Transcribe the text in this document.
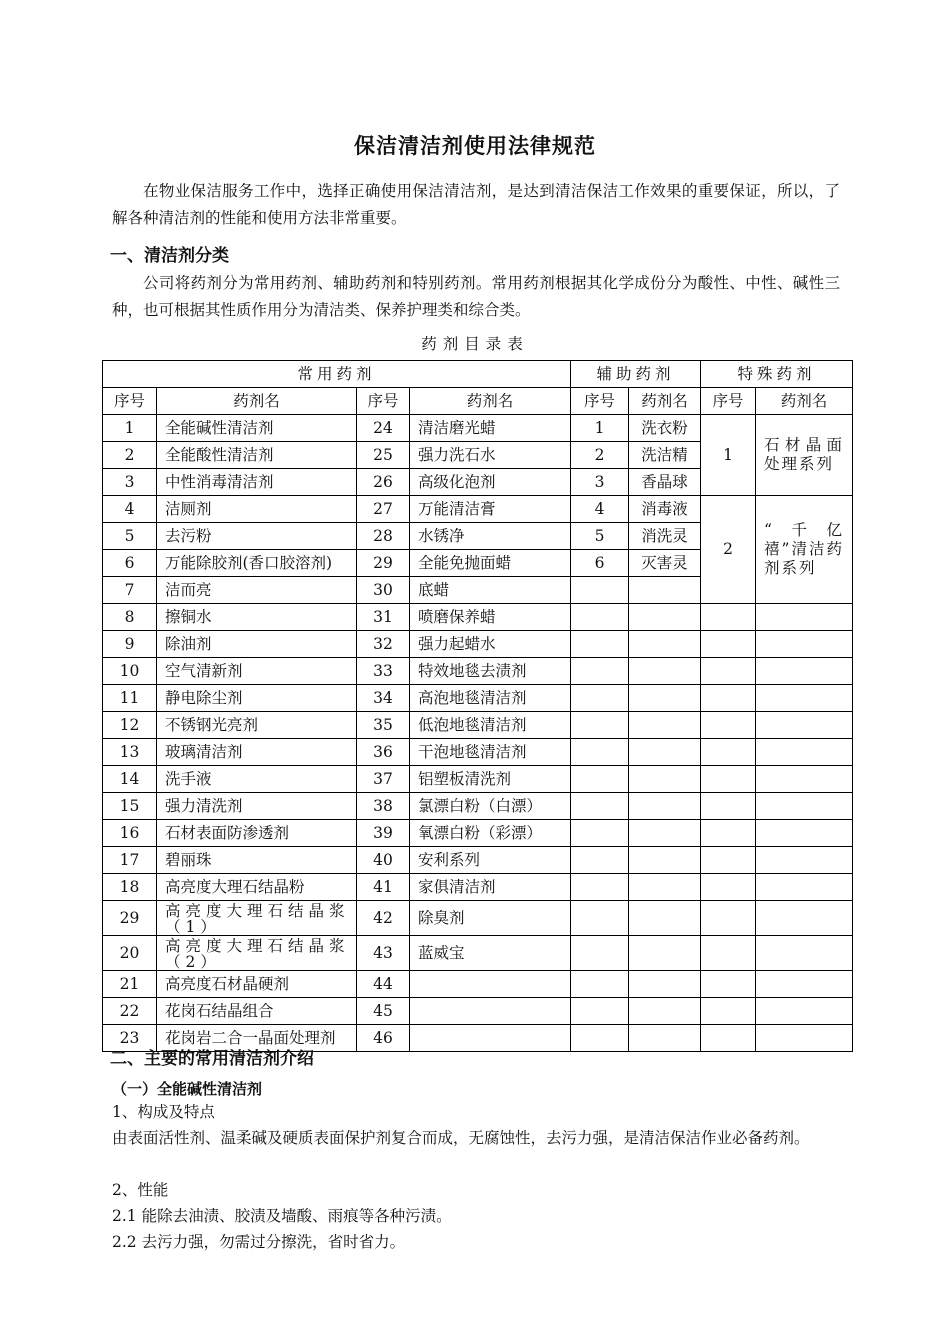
保洁清洁剂使用法律规范
在物业保洁服务工作中，选择正确使用保洁清洁剂，是达到清洁保洁工作效果的重要保证，所以，了解各种清洁剂的性能和使用方法非常重要。
一、清洁剂分类
公司将药剂分为常用药剂、辅助药剂和特别药剂。常用药剂根据其化学成份分为酸性、中性、碱性三种，也可根据其性质作用分为清洁类、保养护理类和综合类。
药剂目录表
常用药剂				辅助药剂		特殊药剂	
序号	药剂名	序号	药剂名	序号	药剂名	序号	药剂名
1	全能碱性清洁剂	24	清洁磨光蜡	1	洗衣粉	1	石材晶面处理系列
2	全能酸性清洁剂	25	强力洗石水	2	洗洁精		
3	中性消毒清洁剂	26	高级化泡剂	3	香晶球		
4	洁厕剂	27	万能清洁膏	4	消毒液	2	“千亿禧”清洁药剂系列
5	去污粉	28	水锈净	5	消洗灵		
6	万能除胶剂(香口胶溶剂)	29	全能免抛面蜡	6	灭害灵		
7	洁而亮	30	底蜡				
8	擦铜水	31	喷磨保养蜡				
9	除油剂	32	强力起蜡水				
10	空气清新剂	33	特效地毯去渍剂				
11	静电除尘剂	34	高泡地毯清洁剂				
12	不锈钢光亮剂	35	低泡地毯清洁剂				
13	玻璃清洁剂	36	干泡地毯清洁剂				
14	洗手液	37	铝塑板清洗剂				
15	强力清洗剂	38	氯漂白粉（白漂）				
16	石材表面防渗透剂	39	氧漂白粉（彩漂）				
17	碧丽珠	40	安利系列				
18	高亮度大理石结晶粉	41	家俱清洁剂				
29	高亮度大理石结晶浆（1）	42	除臭剂				
20	高亮度大理石结晶浆（2）	43	蓝威宝				
21	高亮度石材晶硬剂	44					
22	花岗石结晶组合	45					
23	花岗岩二合一晶面处理剂	46					
二、主要的常用清洁剂介绍
（一）全能碱性清洁剂
1、构成及特点
由表面活性剂、温柔碱及硬质表面保护剂复合而成，无腐蚀性，去污力强，是清洁保洁作业必备药剂。
2、性能
2.1 能除去油渍、胶渍及墙酸、雨痕等各种污渍。
2.2 去污力强，勿需过分擦洗，省时省力。
